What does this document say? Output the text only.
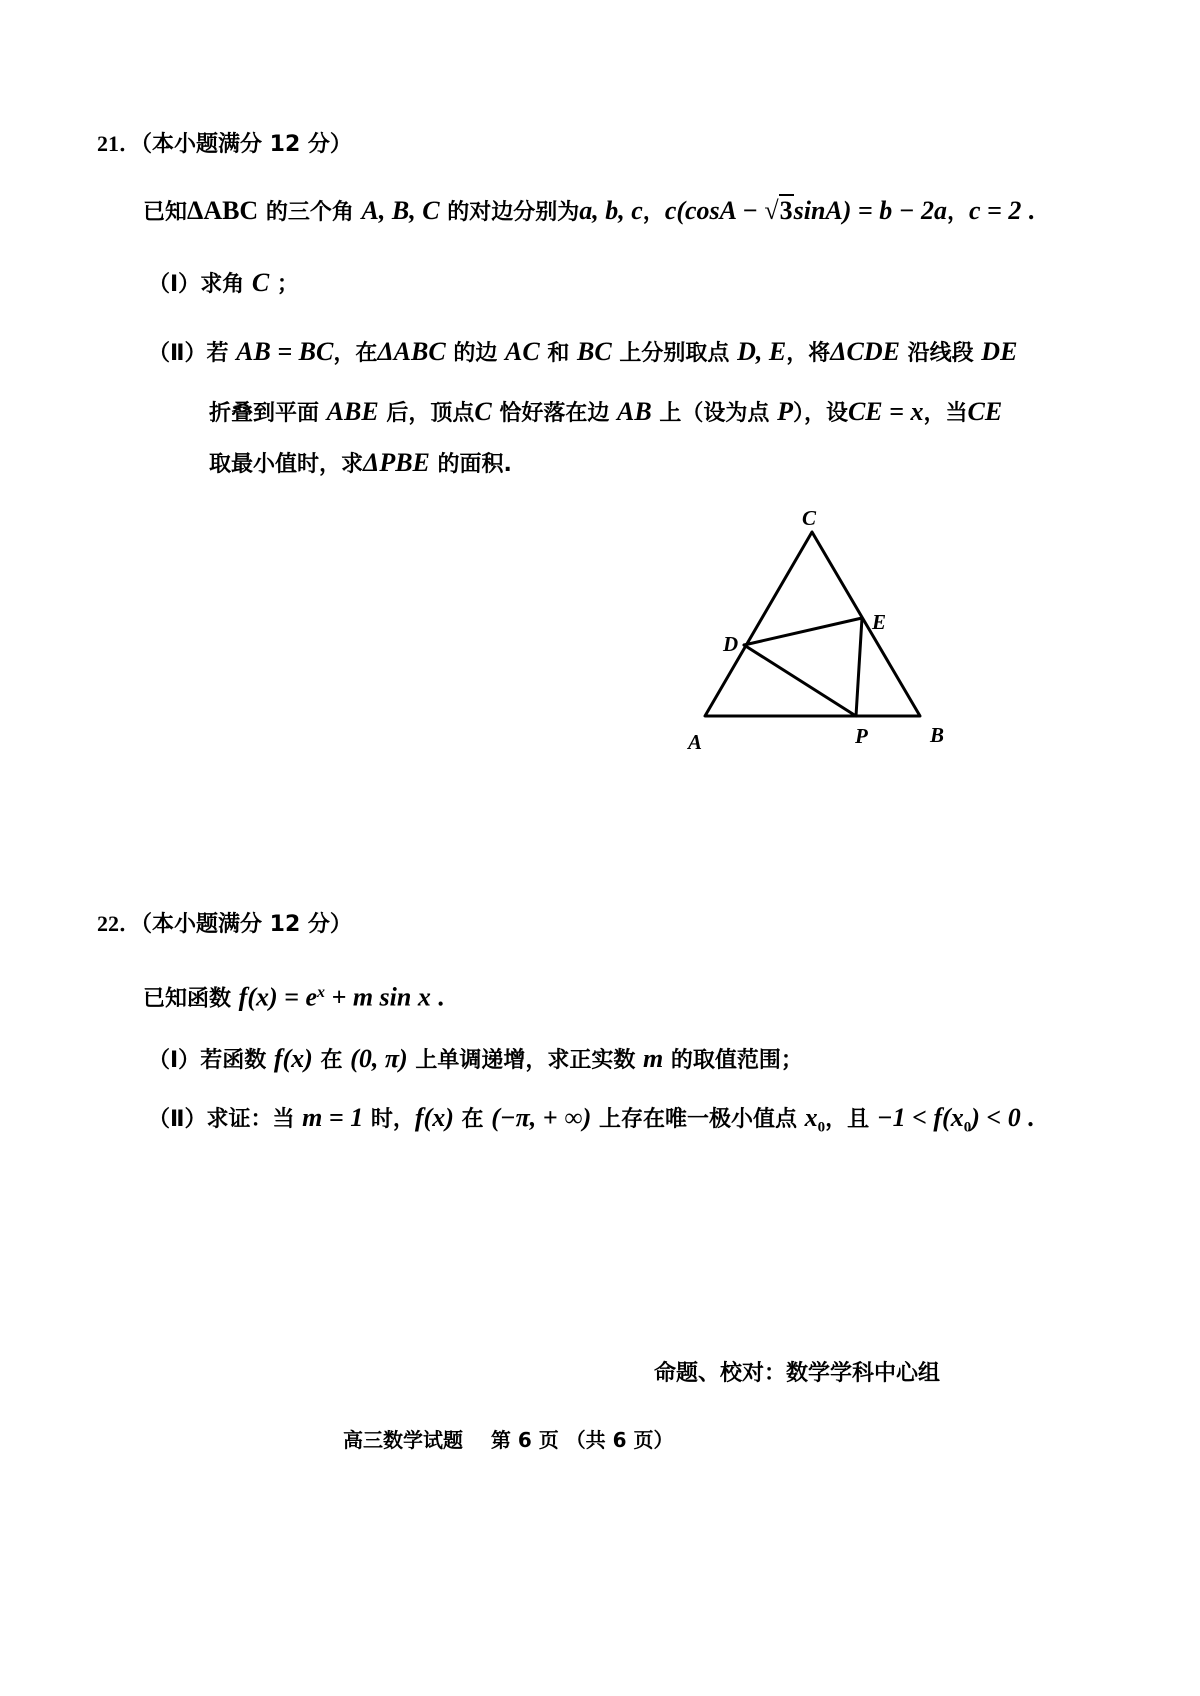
21．（本小题满分 12 分）
已知ΔABC 的三个角 A, B, C 的对边分别为a, b, c，c(cosA − √3sinA) = b − 2a，c = 2 .
（Ⅰ）求角 C ；
（Ⅱ）若 AB = BC，在ΔABC 的边 AC 和 BC 上分别取点 D, E，将ΔCDE 沿线段 DE
折叠到平面 ABE 后，顶点C 恰好落在边 AB 上（设为点 P），设CE = x，当CE
取最小值时，求ΔPBE 的面积.
C
E
D
A	P	B
22．（本小题满分 12 分）
已知函数 $f(x) = e^x + m$ sin x .
（Ⅰ）若函数 f(x) 在 (0, π) 上单调递增，求正实数 m 的取值范围；
（Ⅱ）求证：当 m = 1 时，f(x) 在 (−π, + ∞) 上存在唯一极小值点 $x_0$，且 $-1 < f(x_0) < 0$ .
命题、校对：数学学科中心组
高三数学试题 第 6 页 （共 6 页）
